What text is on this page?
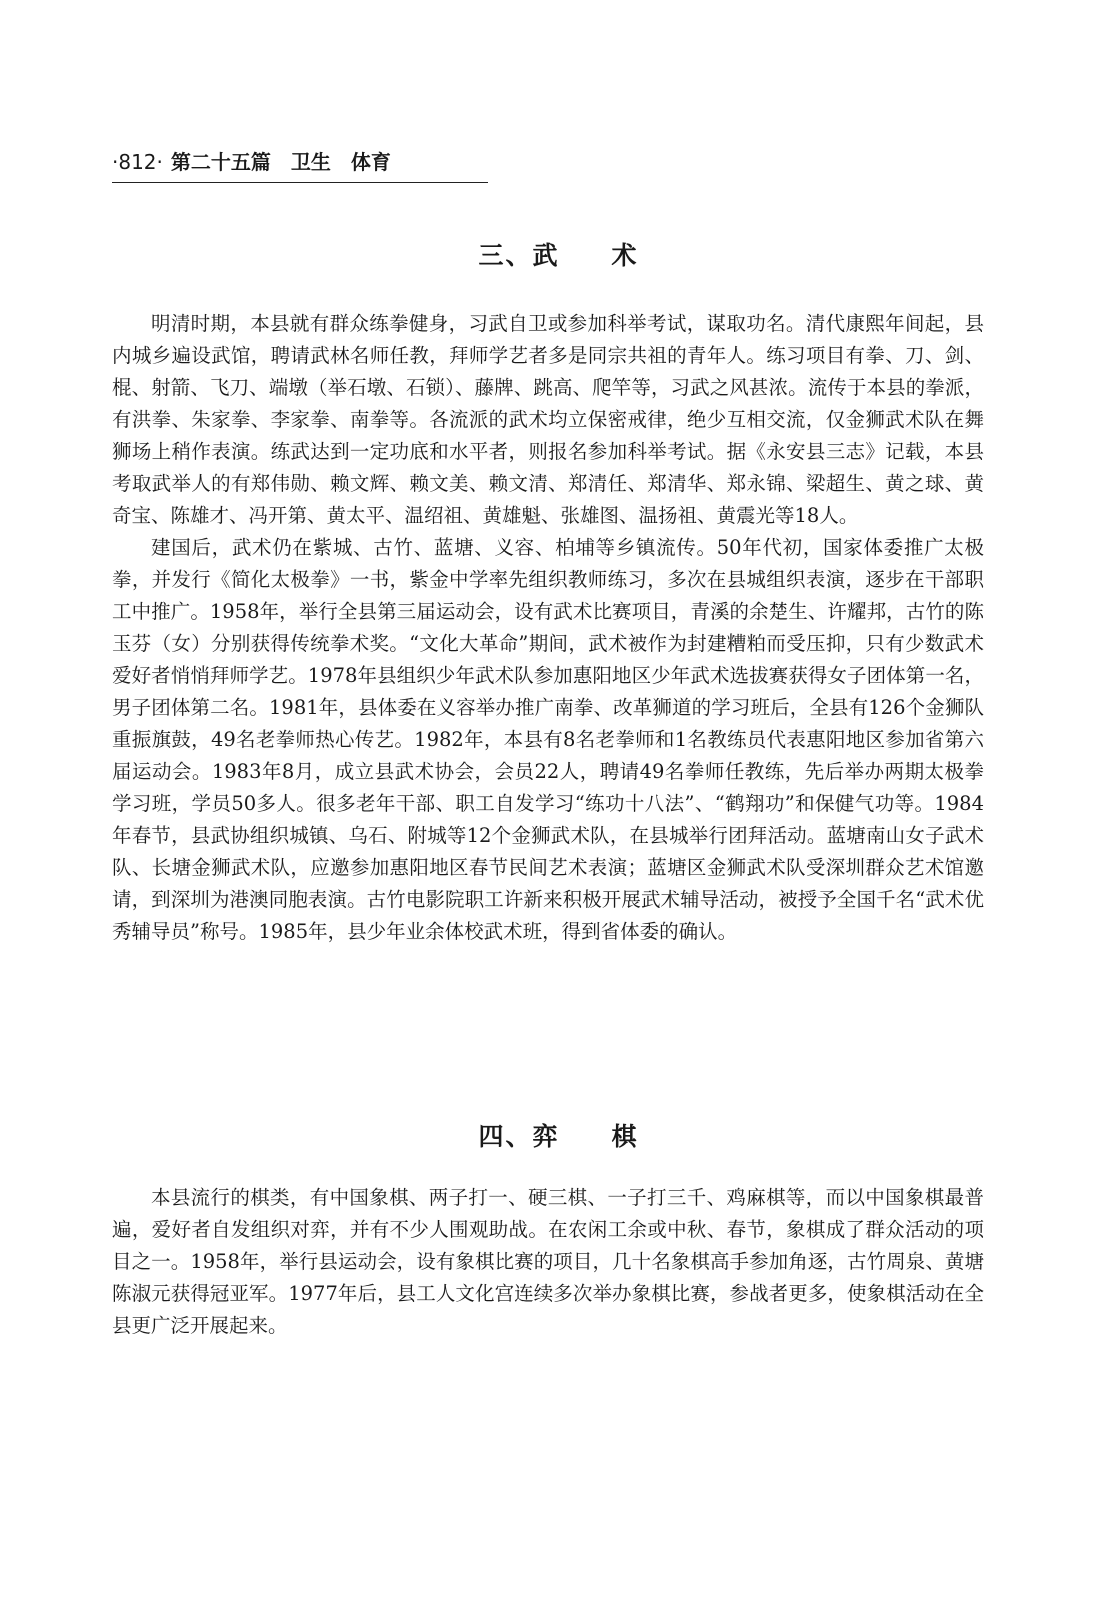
·812· 第二十五篇　卫生　体育
三、武 术

明清时期，本县就有群众练拳健身，习武自卫或参加科举考试，谋取功名。清代康熙年间起，县内城乡遍设武馆，聘请武林名师任教，拜师学艺者多是同宗共祖的青年人。练习项目有拳、刀、剑、棍、射箭、飞刀、端墩（举石墩、石锁）、藤牌、跳高、爬竿等，习武之风甚浓。流传于本县的拳派，有洪拳、朱家拳、李家拳、南拳等。各流派的武术均立保密戒律，绝少互相交流，仅金狮武术队在舞狮场上稍作表演。练武达到一定功底和水平者，则报名参加科举考试。据《永安县三志》记载，本县考取武举人的有郑伟勋、赖文辉、赖文美、赖文清、郑清任、郑清华、郑永锦、梁超生、黄之球、黄奇宝、陈雄才、冯开第、黄太平、温绍祖、黄雄魁、张雄图、温扬祖、黄震光等18人。

建国后，武术仍在紫城、古竹、蓝塘、义容、柏埔等乡镇流传。50年代初，国家体委推广太极拳，并发行《简化太极拳》一书，紫金中学率先组织教师练习，多次在县城组织表演，逐步在干部职工中推广。1958年，举行全县第三届运动会，设有武术比赛项目，青溪的余楚生、许耀邦，古竹的陈玉芬（女）分别获得传统拳术奖。“文化大革命”期间，武术被作为封建糟粕而受压抑，只有少数武术爱好者悄悄拜师学艺。1978年县组织少年武术队参加惠阳地区少年武术选拔赛获得女子团体第一名，男子团体第二名。1981年，县体委在义容举办推广南拳、改革狮道的学习班后，全县有126个金狮队重振旗鼓，49名老拳师热心传艺。1982年，本县有8名老拳师和1名教练员代表惠阳地区参加省第六届运动会。1983年8月，成立县武术协会，会员22人，聘请49名拳师任教练，先后举办两期太极拳学习班，学员50多人。很多老年干部、职工自发学习“练功十八法”、“鹤翔功”和保健气功等。1984年春节，县武协组织城镇、乌石、附城等12个金狮武术队，在县城举行团拜活动。蓝塘南山女子武术队、长塘金狮武术队，应邀参加惠阳地区春节民间艺术表演；蓝塘区金狮武术队受深圳群众艺术馆邀请，到深圳为港澳同胞表演。古竹电影院职工许新来积极开展武术辅导活动，被授予全国千名“武术优秀辅导员”称号。1985年，县少年业余体校武术班，得到省体委的确认。

四、弈 棋

本县流行的棋类，有中国象棋、两子打一、硬三棋、一子打三千、鸡麻棋等，而以中国象棋最普遍，爱好者自发组织对弈，并有不少人围观助战。在农闲工余或中秋、春节，象棋成了群众活动的项目之一。1958年，举行县运动会，设有象棋比赛的项目，几十名象棋高手参加角逐，古竹周泉、黄塘陈淑元获得冠亚军。1977年后，县工人文化宫连续多次举办象棋比赛，参战者更多，使象棋活动在全县更广泛开展起来。
